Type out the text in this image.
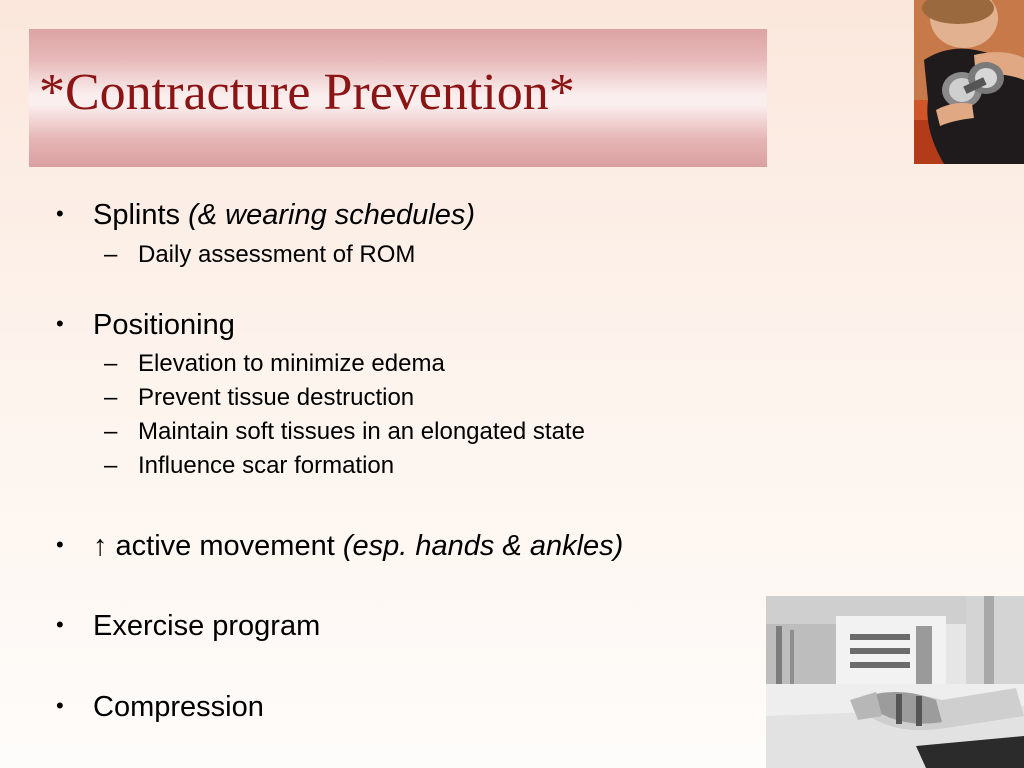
*Contracture Prevention*
• Splints (& wearing schedules)
– Daily assessment of ROM
• Positioning
– Elevation to minimize edema
– Prevent tissue destruction
– Maintain soft tissues in an elongated state
– Influence scar formation
• ↑ active movement (esp. hands & ankles)
• Exercise program
• Compression
